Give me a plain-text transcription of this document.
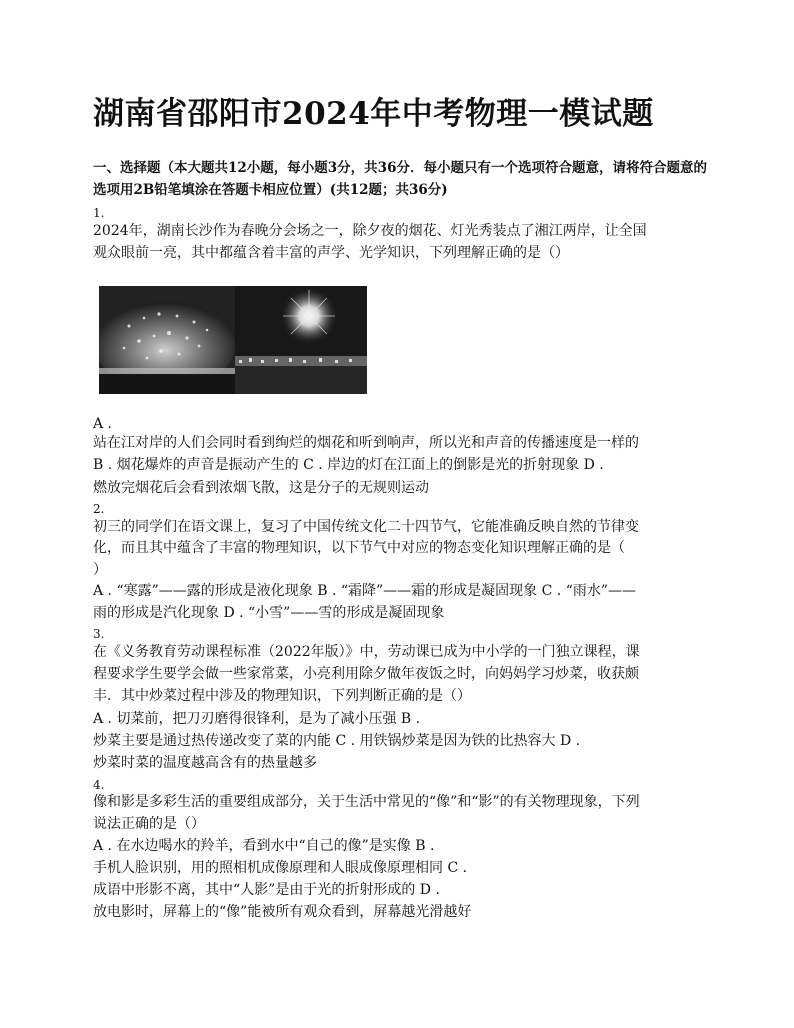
湖南省邵阳市2024年中考物理一模试题
一、选择题（本大题共12小题，每小题3分，共36分．每小题只有一个选项符合题意，请将符合题意的选项用2B铅笔填涂在答题卡相应位置）(共12题；共36分)
1.
2024年，湖南长沙作为春晚分会场之一，除夕夜的烟花、灯光秀装点了湘江两岸，让全国
观众眼前一亮，其中都蕴含着丰富的声学、光学知识，下列理解正确的是（）
A .
站在江对岸的人们会同时看到绚烂的烟花和听到响声，所以光和声音的传播速度是一样的
B . 烟花爆炸的声音是振动产生的 C . 岸边的灯在江面上的倒影是光的折射现象 D .
燃放完烟花后会看到浓烟飞散，这是分子的无规则运动
2.
初三的同学们在语文课上，复习了中国传统文化二十四节气，它能准确反映自然的节律变
化，而且其中蕴含了丰富的物理知识，以下节气中对应的物态变化知识理解正确的是（
）
A . “寒露”——露的形成是液化现象 B . “霜降”——霜的形成是凝固现象 C . “雨水”——
雨的形成是汽化现象 D . “小雪”——雪的形成是凝固现象
3.
在《义务教育劳动课程标准（2022年版）》中，劳动课已成为中小学的一门独立课程，课
程要求学生要学会做一些家常菜，小亮利用除夕做年夜饭之时，向妈妈学习炒菜，收获颇
丰．其中炒菜过程中涉及的物理知识，下列判断正确的是（）
A . 切菜前，把刀刃磨得很锋利，是为了减小压强 B .
炒菜主要是通过热传递改变了菜的内能 C . 用铁锅炒菜是因为铁的比热容大 D .
炒菜时菜的温度越高含有的热量越多
4.
像和影是多彩生活的重要组成部分，关于生活中常见的“像”和“影”的有关物理现象，下列
说法正确的是（）
A . 在水边喝水的羚羊，看到水中“自己的像”是实像 B .
手机人脸识别，用的照相机成像原理和人眼成像原理相同 C .
成语中形影不离，其中“人影”是由于光的折射形成的 D .
放电影时，屏幕上的“像”能被所有观众看到，屏幕越光滑越好
